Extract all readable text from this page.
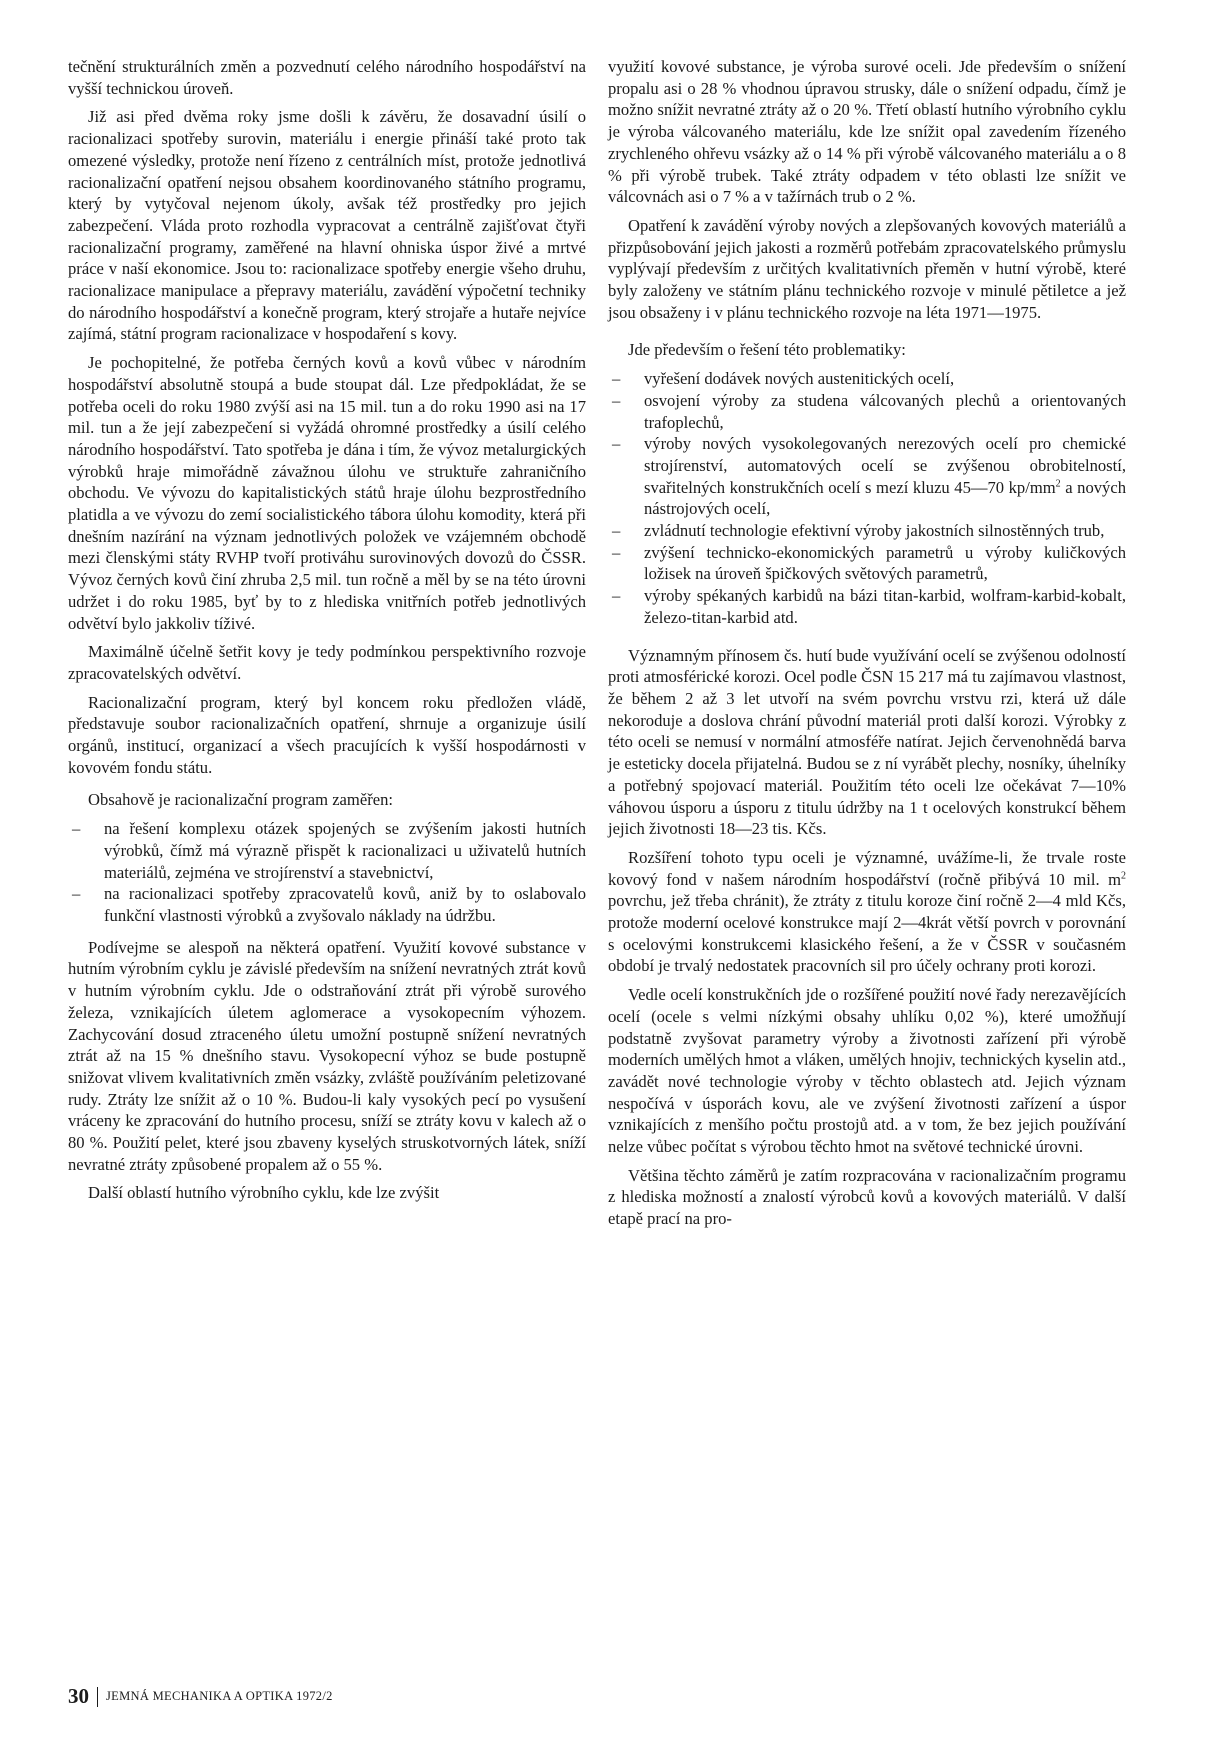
tečnění strukturálních změn a pozvednutí celého národního hospodářství na vyšší technickou úroveň.

Již asi před dvěma roky jsme došli k závěru, že dosavadní úsilí o racionalizaci spotřeby surovin, materiálu i energie přináší také proto tak omezené výsledky, protože není řízeno z centrálních míst, protože jednotlivá racionalizační opatření nejsou obsahem koordinovaného státního programu, který by vytyčoval nejenom úkoly, avšak též prostředky pro jejich zabezpečení. Vláda proto rozhodla vypracovat a centrálně zajišťovat čtyři racionalizační programy, zaměřené na hlavní ohniska úspor živé a mrtvé práce v naší ekonomice. Jsou to: racionalizace spotřeby energie všeho druhu, racionalizace manipulace a přepravy materiálu, zavádění výpočetní techniky do národního hospodářství a konečně program, který strojaře a hutaře nejvíce zajímá, státní program racionalizace v hospodaření s kovy.

Je pochopitelné, že potřeba černých kovů a kovů vůbec v národním hospodářství absolutně stoupá a bude stoupat dál. Lze předpokládat, že se potřeba oceli do roku 1980 zvýší asi na 15 mil. tun a do roku 1990 asi na 17 mil. tun a že její zabezpečení si vyžádá ohromné prostředky a úsilí celého národního hospodářství. Tato spotřeba je dána i tím, že vývoz metalurgických výrobků hraje mimořádně závažnou úlohu ve struktuře zahraničního obchodu. Ve vývozu do kapitalistických států hraje úlohu bezprostředního platidla a ve vývozu do zemí socialistického tábora úlohu komodity, která při dnešním nazírání na význam jednotlivých položek ve vzájemném obchodě mezi členskými státy RVHP tvoří protiváhu surovinových dovozů do ČSSR. Vývoz černých kovů činí zhruba 2,5 mil. tun ročně a měl by se na této úrovni udržet i do roku 1985, byť by to z hlediska vnitřních potřeb jednotlivých odvětví bylo jakkoliv tíživé.

Maximálně účelně šetřit kovy je tedy podmínkou perspektivního rozvoje zpracovatelských odvětví.

Racionalizační program, který byl koncem roku předložen vládě, představuje soubor racionalizačních opatření, shrnuje a organizuje úsilí orgánů, institucí, organizací a všech pracujících k vyšší hospodárnosti v kovovém fondu státu.

Obsahově je racionalizační program zaměřen:

– na řešení komplexu otázek spojených se zvýšením jakosti hutních výrobků, čímž má výrazně přispět k racionalizaci u uživatelů hutních materiálů, zejména ve strojírenství a stavebnictví,
– na racionalizaci spotřeby zpracovatelů kovů, aniž by to oslabovalo funkční vlastnosti výrobků a zvyšovalo náklady na údržbu.

Podívejme se alespoň na některá opatření. Využití kovové substance v hutním výrobním cyklu je závislé především na snížení nevratných ztrát kovů v hutním výrobním cyklu. Jde o odstraňování ztrát při výrobě surového železa, vznikajících úletem aglomerace a vysokopecním výhozem. Zachycování dosud ztraceného úletu umožní postupně snížení nevratných ztrát až na 15 % dnešního stavu. Vysokopecní výhoz se bude postupně snižovat vlivem kvalitativních změn vsázky, zvláště používáním peletizované rudy. Ztráty lze snížit až o 10 %. Budou-li kaly vysokých pecí po vysušení vráceny ke zpracování do hutního procesu, sníží se ztráty kovu v kalech až o 80 %. Použití pelet, které jsou zbaveny kyselých struskotvorných látek, sníží nevratné ztráty způsobené propalem až o 55 %.

Další oblastí hutního výrobního cyklu, kde lze zvýšit

využití kovové substance, je výroba surové oceli. Jde především o snížení propalu asi o 28 % vhodnou úpravou strusky, dále o snížení odpadu, čímž je možno snížit nevratné ztráty až o 20 %. Třetí oblastí hutního výrobního cyklu je výroba válcovaného materiálu, kde lze snížit opal zavedením řízeného zrychleného ohřevu vsázky až o 14 % při výrobě válcovaného materiálu a o 8 % při výrobě trubek. Také ztráty odpadem v této oblasti lze snížit ve válcovnách asi o 7 % a v tažírnách trub o 2 %.

Opatření k zavádění výroby nových a zlepšovaných kovových materiálů a přizpůsobování jejich jakosti a rozměrů potřebám zpracovatelského průmyslu vyplývají především z určitých kvalitativních přeměn v hutní výrobě, které byly založeny ve státním plánu technického rozvoje v minulé pětiletce a jež jsou obsaženy i v plánu technického rozvoje na léta 1971—1975.

Jde především o řešení této problematiky:

– vyřešení dodávek nových austenitických ocelí,
– osvojení výroby za studena válcovaných plechů a orientovaných trafoplechů,
– výroby nových vysokolegovaných nerezových ocelí pro chemické strojírenství, automatových ocelí se zvýšenou obrobitelností, svařitelných konstrukčních ocelí s mezí kluzu 45—70 $kp/mm^2$ a nových nástrojových ocelí,
– zvládnutí technologie efektivní výroby jakostních silnostěnných trub,
– zvýšení technicko-ekonomických parametrů u výroby kuličkových ložisek na úroveň špičkových světových parametrů,
– výroby spékaných karbidů na bázi titan-karbid, wolfram-karbid-kobalt, železo-titan-karbid atd.

Významným přínosem čs. hutí bude využívání ocelí se zvýšenou odolností proti atmosférické korozi. Ocel podle ČSN 15 217 má tu zajímavou vlastnost, že během 2 až 3 let utvoří na svém povrchu vrstvu rzi, která už dále nekoroduje a doslova chrání původní materiál proti další korozi. Výrobky z této oceli se nemusí v normální atmosféře natírat. Jejich červenohnědá barva je esteticky docela přijatelná. Budou se z ní vyrábět plechy, nosníky, úhelníky a potřebný spojovací materiál. Použitím této oceli lze očekávat 7—10% váhovou úsporu a úsporu z titulu údržby na 1 t ocelových konstrukcí během jejich životnosti 18—23 tis. Kčs.

Rozšíření tohoto typu oceli je významné, uvážíme-li, že trvale roste kovový fond v našem národním hospodářství (ročně přibývá 10 mil. $m^2$ povrchu, jež třeba chránit), že ztráty z titulu koroze činí ročně 2—4 mld Kčs, protože moderní ocelové konstrukce mají 2—4krát větší povrch v porovnání s ocelovými konstrukcemi klasického řešení, a že v ČSSR v současném období je trvalý nedostatek pracovních sil pro účely ochrany proti korozi.

Vedle ocelí konstrukčních jde o rozšířené použití nové řady nerezavějících ocelí (ocele s velmi nízkými obsahy uhlíku 0,02 %), které umožňují podstatně zvyšovat parametry výroby a životnosti zařízení při výrobě moderních umělých hmot a vláken, umělých hnojiv, technických kyselin atd., zavádět nové technologie výroby v těchto oblastech atd. Jejich význam nespočívá v úsporách kovu, ale ve zvýšení životnosti zařízení a úspor vznikajících z menšího počtu prostojů atd. a v tom, že bez jejich používání nelze vůbec počítat s výrobou těchto hmot na světové technické úrovni.

Většina těchto záměrů je zatím rozpracována v racionalizačním programu z hlediska možností a znalostí výrobců kovů a kovových materiálů. V další etapě prací na pro-

30 JEMNÁ MECHANIKA A OPTIKA 1972/2
